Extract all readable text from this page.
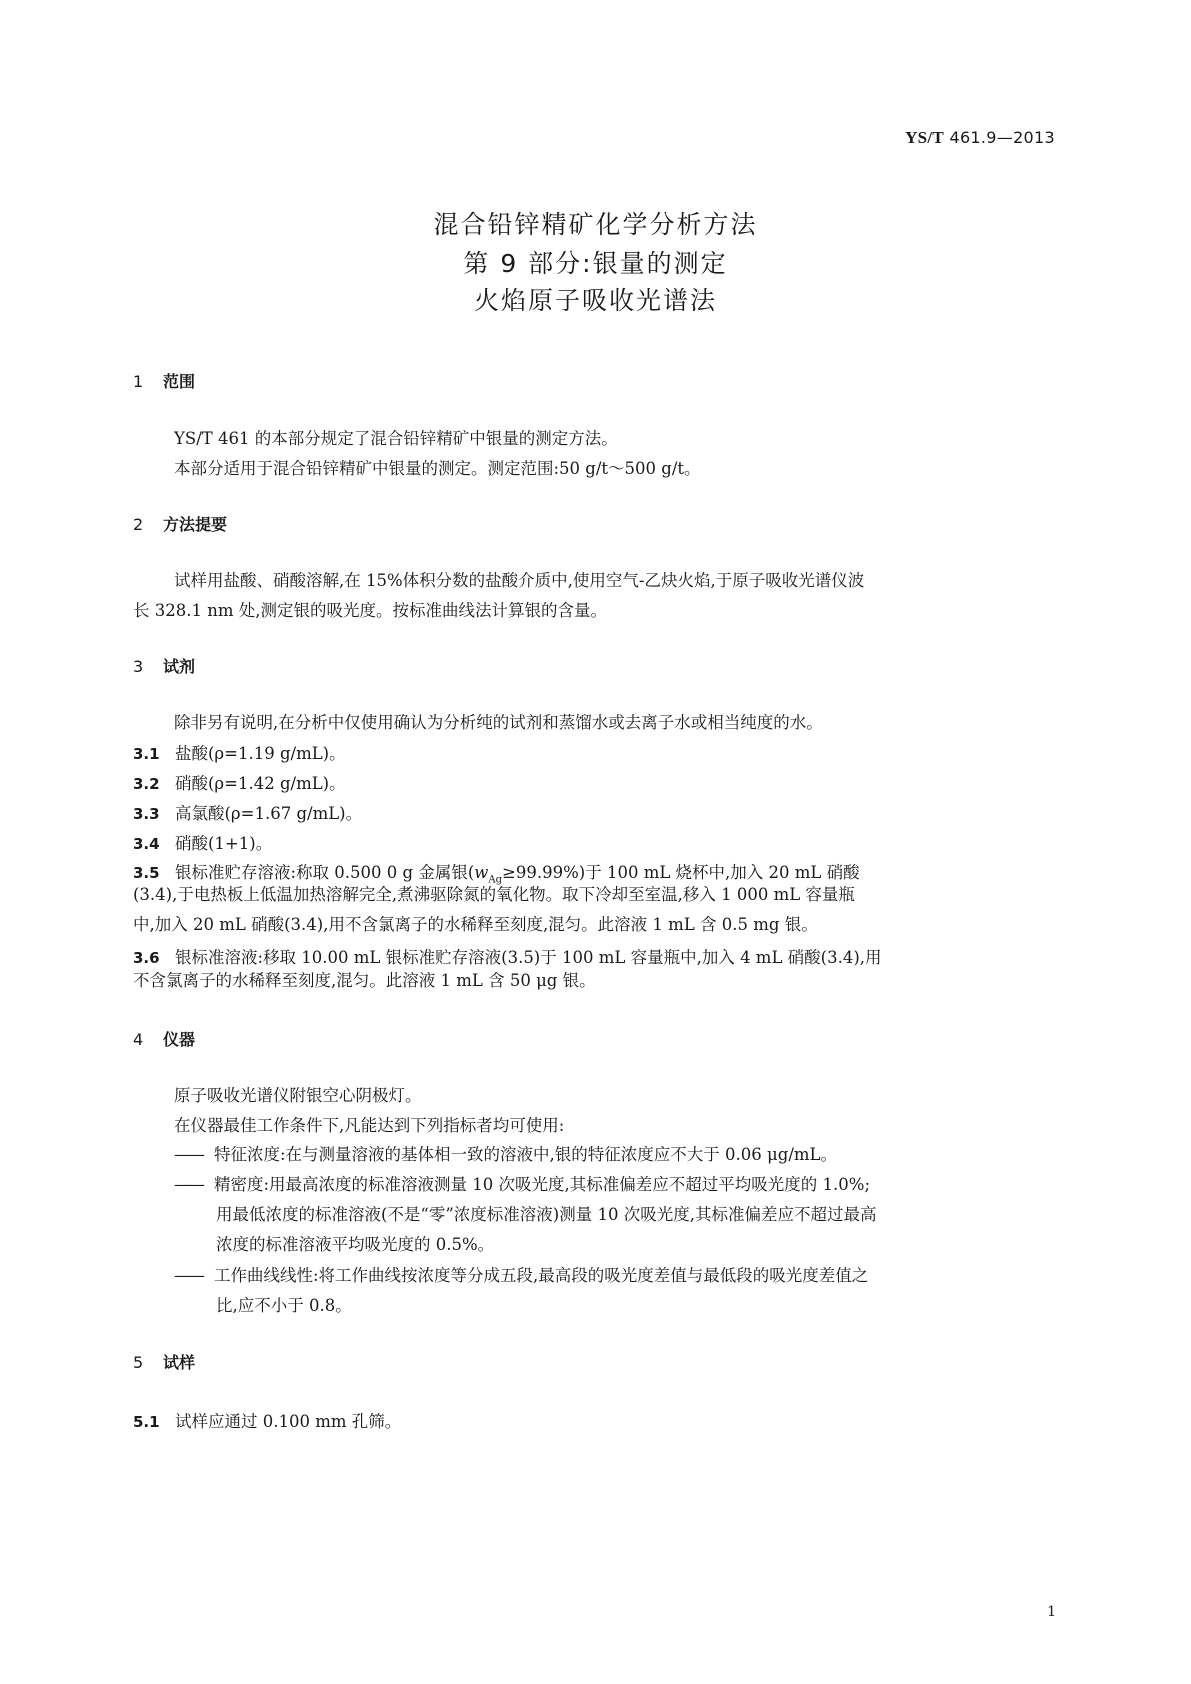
YS/T 461.9—2013
混合铅锌精矿化学分析方法
第 9 部分:银量的测定
火焰原子吸收光谱法
1 范围
YS/T 461 的本部分规定了混合铅锌精矿中银量的测定方法。
本部分适用于混合铅锌精矿中银量的测定。测定范围:50 g/t～500 g/t。
2 方法提要
试样用盐酸、硝酸溶解,在 15%体积分数的盐酸介质中,使用空气-乙炔火焰,于原子吸收光谱仪波
长 328.1 nm 处,测定银的吸光度。按标准曲线法计算银的含量。
3 试剂
除非另有说明,在分析中仅使用确认为分析纯的试剂和蒸馏水或去离子水或相当纯度的水。
3.1 盐酸(ρ=1.19 g/mL)。
3.2 硝酸(ρ=1.42 g/mL)。
3.3 高氯酸(ρ=1.67 g/mL)。
3.4 硝酸(1+1)。
3.5 银标准贮存溶液:称取 0.500 0 g 金属银$(w_{Ag}\ge 99.99\%)$于 100 mL 烧杯中,加入 20 mL 硝酸
(3.4),于电热板上低温加热溶解完全,煮沸驱除氮的氧化物。取下冷却至室温,移入 1 000 mL 容量瓶
中,加入 20 mL 硝酸(3.4),用不含氯离子的水稀释至刻度,混匀。此溶液 1 mL 含 0.5 mg 银。
3.6 银标准溶液:移取 10.00 mL 银标准贮存溶液(3.5)于 100 mL 容量瓶中,加入 4 mL 硝酸(3.4),用
不含氯离子的水稀释至刻度,混匀。此溶液 1 mL 含 50 μg 银。
4 仪器
原子吸收光谱仪附银空心阴极灯。
在仪器最佳工作条件下,凡能达到下列指标者均可使用:
—— 特征浓度:在与测量溶液的基体相一致的溶液中,银的特征浓度应不大于 0.06 μg/mL。
—— 精密度:用最高浓度的标准溶液测量 10 次吸光度,其标准偏差应不超过平均吸光度的 1.0%;
用最低浓度的标准溶液(不是“零”浓度标准溶液)测量 10 次吸光度,其标准偏差应不超过最高
浓度的标准溶液平均吸光度的 0.5%。
—— 工作曲线线性:将工作曲线按浓度等分成五段,最高段的吸光度差值与最低段的吸光度差值之
比,应不小于 0.8。
5 试样
5.1 试样应通过 0.100 mm 孔筛。
1
